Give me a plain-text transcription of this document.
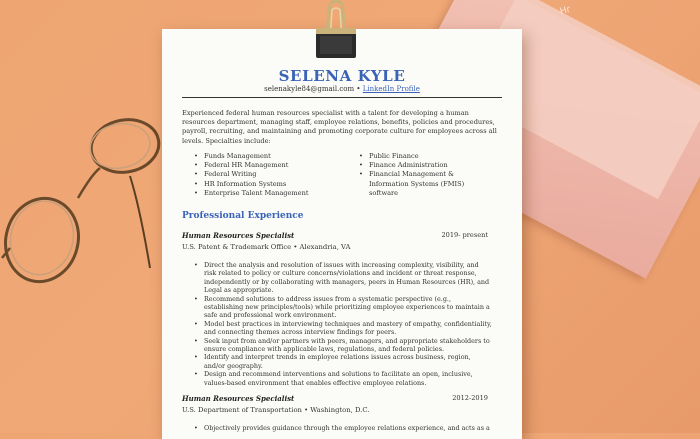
Hr
SELENA KYLE
selenakyle84@gmail.com • LinkedIn Profile
Experienced federal human resources specialist with a talent for developing a human resources department, managing staff, employee relations, benefits, policies and procedures, payroll, recruiting, and maintaining and promoting corporate culture for employees across all levels. Specialties include:
• Funds Management
• Federal HR Management
• Federal Writing
• HR Information Systems
• Enterprise Talent Management
• Public Finance
• Finance Administration
• Financial Management & Information Systems (FMIS) software
Professional Experience
Human Resources Specialist	2019- present
U.S. Patent & Trademark Office • Alexandria, VA
• Direct the analysis and resolution of issues with increasing complexity, visibility, and risk related to policy or culture concerns/violations and incident or threat response, independently or by collaborating with managers, peers in Human Resources (HR), and Legal as appropriate.
• Recommend solutions to address issues from a systematic perspective (e.g., establishing new principles/tools) while prioritizing employee experiences to maintain a safe and professional work environment.
• Model best practices in interviewing techniques and mastery of empathy, confidentiality, and connecting themes across interview findings for peers.
• Seek input from and/or partners with peers, managers, and appropriate stakeholders to ensure compliance with applicable laws, regulations, and federal policies.
• Identify and interpret trends in employee relations issues across business, region, and/or geography.
• Design and recommend interventions and solutions to facilitate an open, inclusive, values-based environment that enables effective employee relations.
Human Resources Specialist	2012-2019
U.S. Department of Transportation • Washington, D.C.
• Objectively provides guidance through the employee relations experience, and acts as a
